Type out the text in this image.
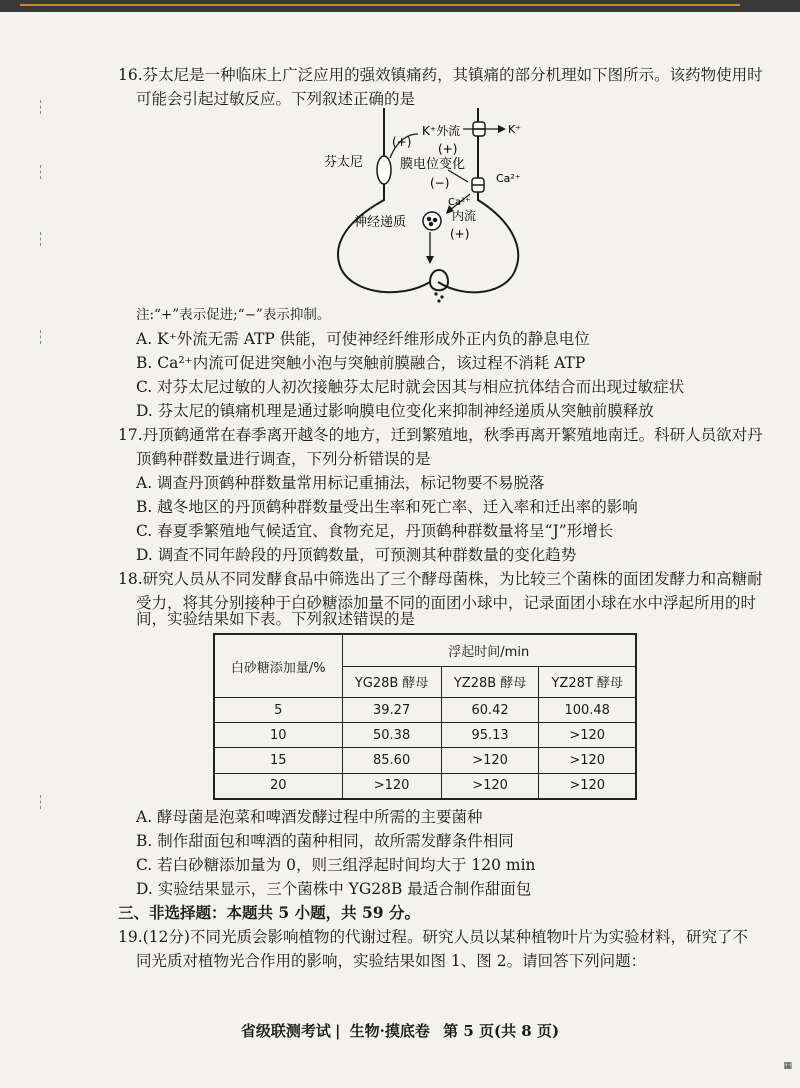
16.芬太尼是一种临床上广泛应用的强效镇痛药，其镇痛的部分机理如下图所示。该药物使用时
可能会引起过敏反应。下列叙述正确的是
(+)
K⁺外流	K⁺
(+)
芬太尼	膜电位变化
(−)	Ca²⁺
Ca²⁺
内流
神经递质
(+)
注:“+”表示促进;“−”表示抑制。
A. K⁺外流无需 ATP 供能，可使神经纤维形成外正内负的静息电位
B. Ca²⁺内流可促进突触小泡与突触前膜融合，该过程不消耗 ATP
C. 对芬太尼过敏的人初次接触芬太尼时就会因其与相应抗体结合而出现过敏症状
D. 芬太尼的镇痛机理是通过影响膜电位变化来抑制神经递质从突触前膜释放
17.丹顶鹤通常在春季离开越冬的地方，迁到繁殖地，秋季再离开繁殖地南迁。科研人员欲对丹
顶鹤种群数量进行调查，下列分析错误的是
A. 调查丹顶鹤种群数量常用标记重捕法，标记物要不易脱落
B. 越冬地区的丹顶鹤种群数量受出生率和死亡率、迁入率和迁出率的影响
C. 春夏季繁殖地气候适宜、食物充足，丹顶鹤种群数量将呈“J”形增长
D. 调查不同年龄段的丹顶鹤数量，可预测其种群数量的变化趋势
18.研究人员从不同发酵食品中筛选出了三个酵母菌株，为比较三个菌株的面团发酵力和高糖耐
受力，将其分别接种于白砂糖添加量不同的面团小球中，记录面团小球在水中浮起所用的时
间，实验结果如下表。下列叙述错误的是
白砂糖添加量/%	浮起时间/min		
	YG28B 酵母	YZ28B 酵母	YZ28T 酵母
5	39.27	60.42	100.48
10	50.38	95.13	>120
15	85.60	>120	>120
20	>120	>120	>120
A. 酵母菌是泡菜和啤酒发酵过程中所需的主要菌种
B. 制作甜面包和啤酒的菌种相同，故所需发酵条件相同
C. 若白砂糖添加量为 0，则三组浮起时间均大于 120 min
D. 实验结果显示，三个菌株中 YG28B 最适合制作甜面包
三、非选择题：本题共 5 小题，共 59 分。
19.(12分)不同光质会影响植物的代谢过程。研究人员以某种植物叶片为实验材料，研究了不
同光质对植物光合作用的影响，实验结果如图 1、图 2。请回答下列问题：
省级联测考试 | 生物·摸底卷 第 5 页(共 8 页)
▦
